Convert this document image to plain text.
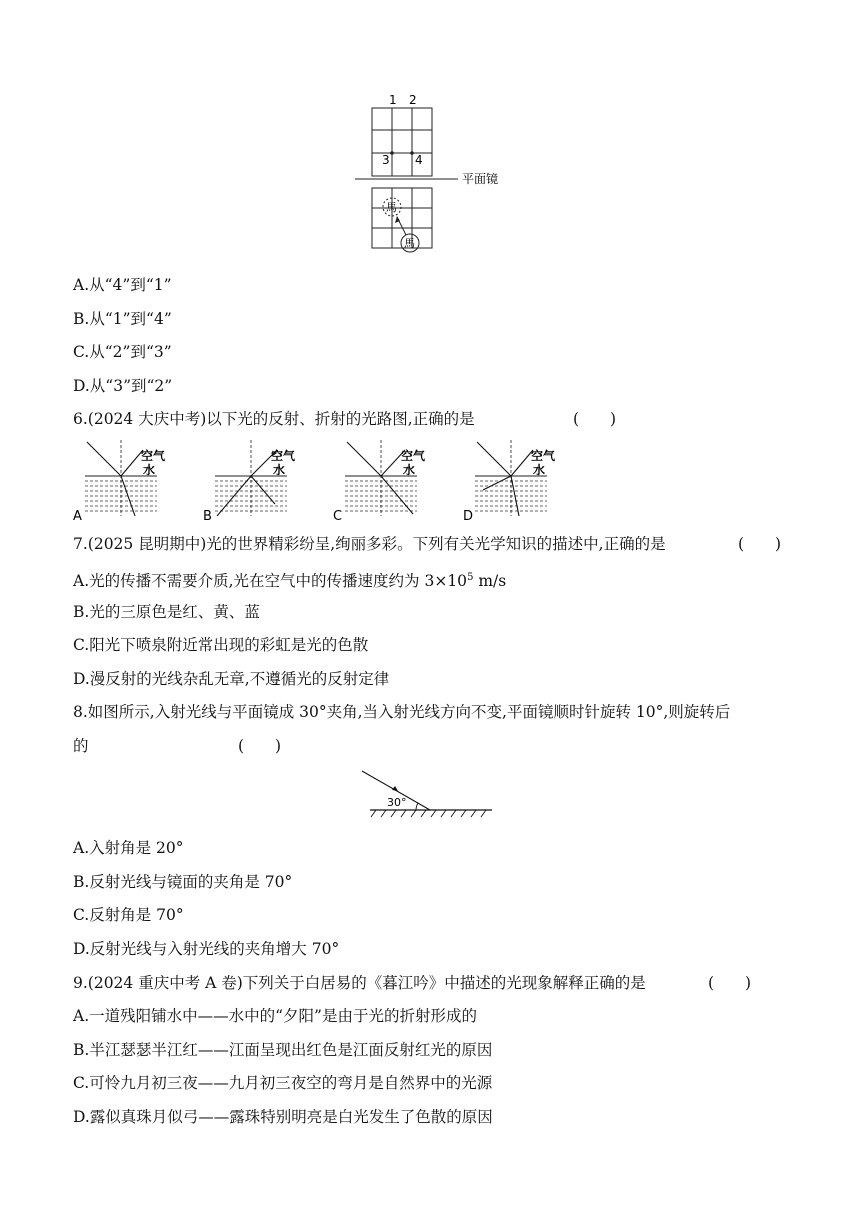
1 2
3 4
平面镜
馬
馬
A.从“4”到“1”
B.从“1”到“4”
C.从“2”到“3”
D.从“3”到“2”
6.(2024 大庆中考)以下光的反射、折射的光路图,正确的是	(　　)
空气
水
A
空气
水
B
空气
水
C
空气
水
D
7.(2025 昆明期中)光的世界精彩纷呈,绚丽多彩。下列有关光学知识的描述中,正确的是	(　　)
A.光的传播不需要介质,光在空气中的传播速度约为 $3\times 10^5$ m/s
B.光的三原色是红、黄、蓝
C.阳光下喷泉附近常出现的彩虹是光的色散
D.漫反射的光线杂乱无章,不遵循光的反射定律
8.如图所示,入射光线与平面镜成 30°夹角,当入射光线方向不变,平面镜顺时针旋转 10°,则旋转后
的	(　　)
30°
A.入射角是 20°
B.反射光线与镜面的夹角是 70°
C.反射角是 70°
D.反射光线与入射光线的夹角增大 70°
9.(2024 重庆中考 A 卷)下列关于白居易的《暮江吟》中描述的光现象解释正确的是	(　　)
A.一道残阳铺水中——水中的“夕阳”是由于光的折射形成的
B.半江瑟瑟半江红——江面呈现出红色是江面反射红光的原因
C.可怜九月初三夜——九月初三夜空的弯月是自然界中的光源
D.露似真珠月似弓——露珠特别明亮是白光发生了色散的原因
